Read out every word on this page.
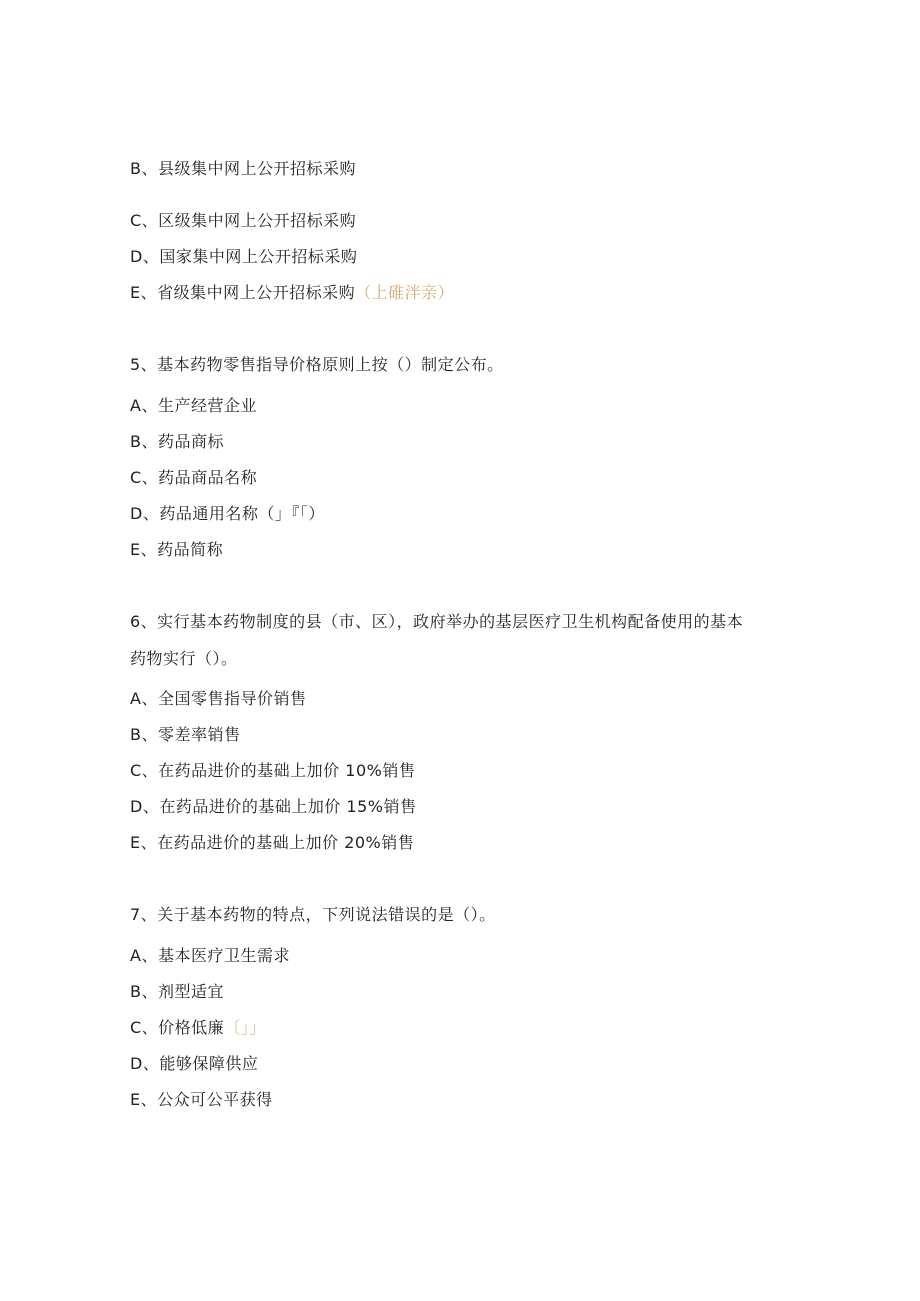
B、县级集中网上公开招标采购
C、区级集中网上公开招标采购
D、国家集中网上公开招标采购
E、省级集中网上公开招标采购（上碓泮亲）
5、基本药物零售指导价格原则上按（）制定公布。
A、生产经营企业
B、药品商标
C、药品商品名称
D、药品通用名称（」『「）
E、药品简称
6、实行基本药物制度的县（市、区），政府举办的基层医疗卫生机构配备使用的基本
药物实行（）。
A、全国零售指导价销售
B、零差率销售
C、在药品进价的基础上加价 10%销售
D、在药品进价的基础上加价 15%销售
E、在药品进价的基础上加价 20%销售
7、关于基本药物的特点，下列说法错误的是（）。
A、基本医疗卫生需求
B、剂型适宜
C、价格低廉〔」」
D、能够保障供应
E、公众可公平获得
